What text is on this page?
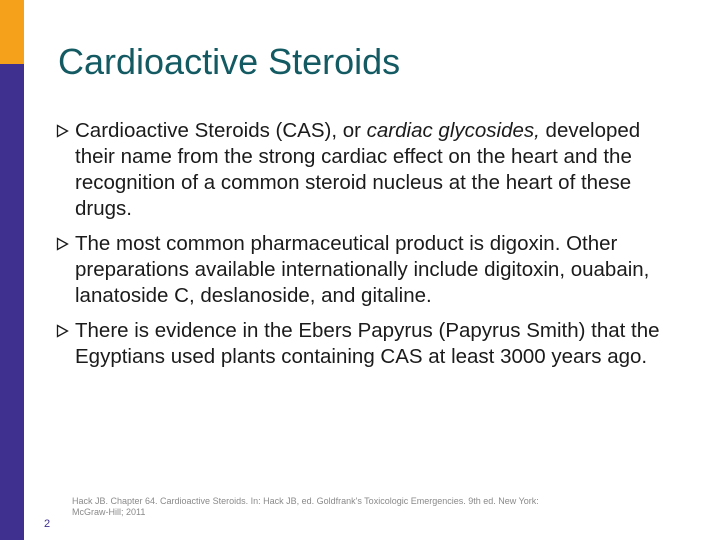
Cardioactive Steroids
Cardioactive Steroids (CAS), or cardiac glycosides, developed their name from the strong cardiac effect on the heart and the recognition of a common steroid nucleus at the heart of these drugs.
The most common pharmaceutical product is digoxin. Other preparations available internationally include digitoxin, ouabain, lanatoside C, deslanoside, and gitaline.
There is evidence in the Ebers Papyrus (Papyrus Smith) that the Egyptians used plants containing CAS at least 3000 years ago.
Hack JB. Chapter 64. Cardioactive Steroids. In: Hack JB, ed. Goldfrank's Toxicologic Emergencies. 9th ed. New York: McGraw-Hill; 2011
2
